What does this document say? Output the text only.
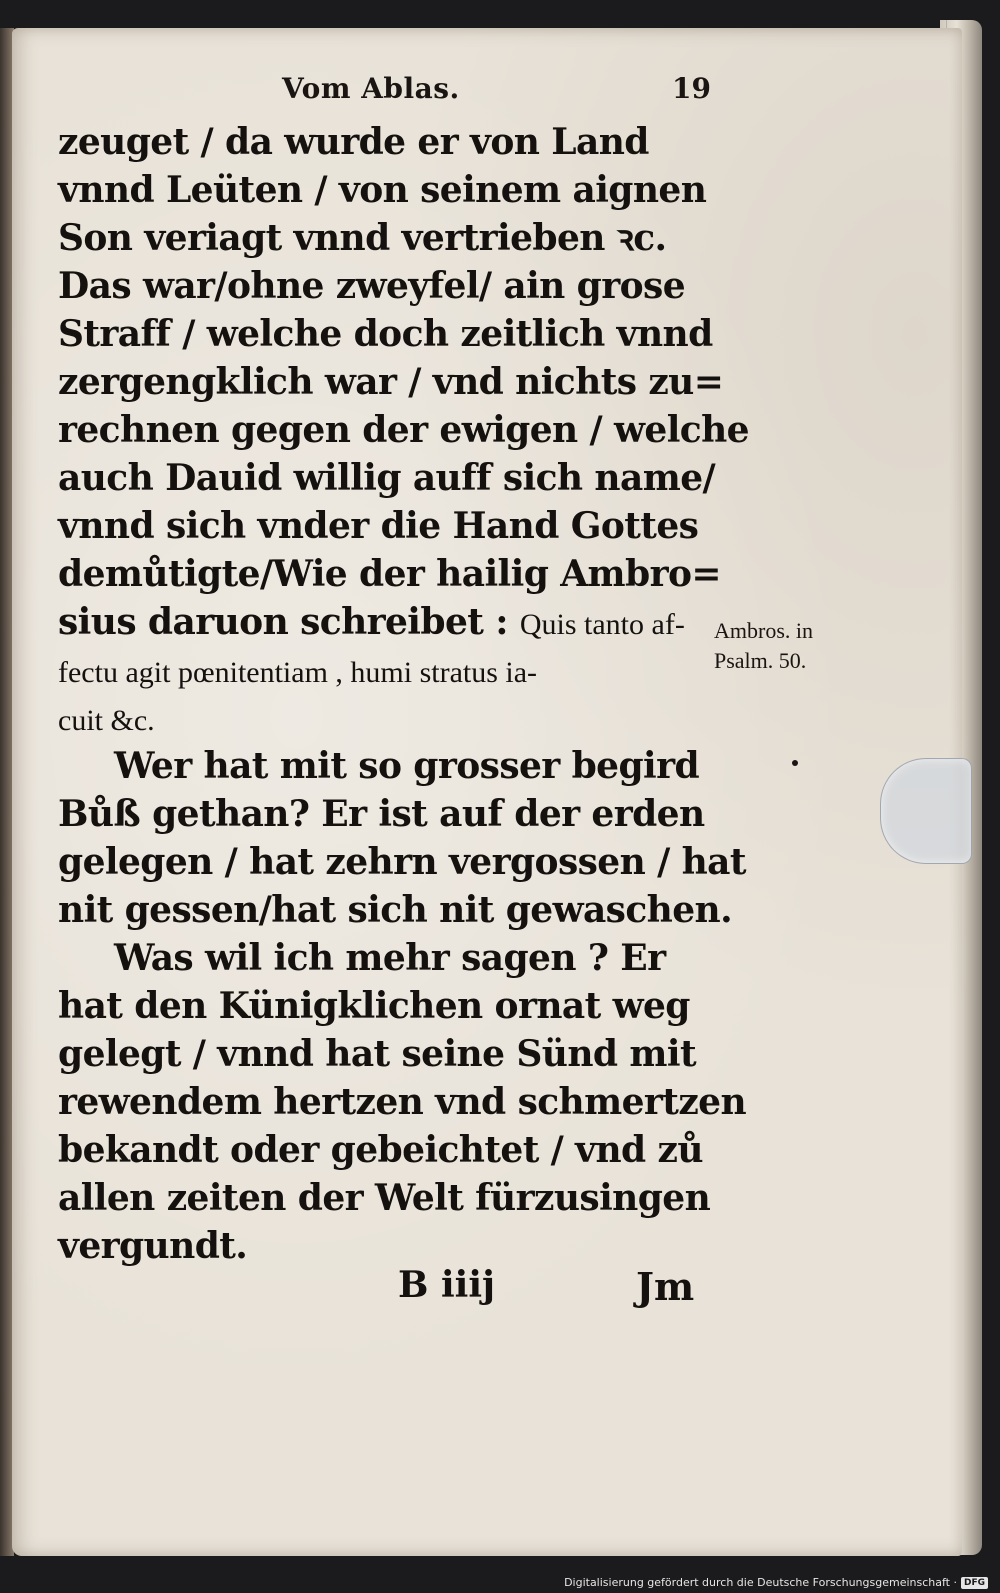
Vom Ablas.	19
zeuget / da wurde er von Land
vnnd Leüten / von seinem aignen
Son veriagt vnnd vertrieben ꝛc.
Das war/ohne zweyfel/ ain grose
Straff / welche doch zeitlich vnnd
zergengklich war / vnd nichts zu=
rechnen gegen der ewigen / welche
auch Dauid willig auff sich name/
vnnd sich vnder die Hand Gottes
demůtigte/Wie der hailig Ambro=
sius daruon schreibet : Quis tanto af-
fectu agit pœnitentiam , humi stratus ia-
cuit &c.
Wer hat mit so grosser begird
Bůß gethan? Er ist auf der erden
gelegen / hat zehrn vergossen / hat
nit gessen/hat sich nit gewaschen.
Was wil ich mehr sagen ? Er
hat den Künigklichen ornat weg
gelegt / vnnd hat seine Sünd mit
rewendem hertzen vnd schmertzen
bekandt oder gebeichtet / vnd zů
allen zeiten der Welt fürzusingen
vergundt.
Ambros. in
Psalm. 50.
B iiij	Jm
Digitalisierung gefördert durch die Deutsche Forschungsgemeinschaft · DFG
